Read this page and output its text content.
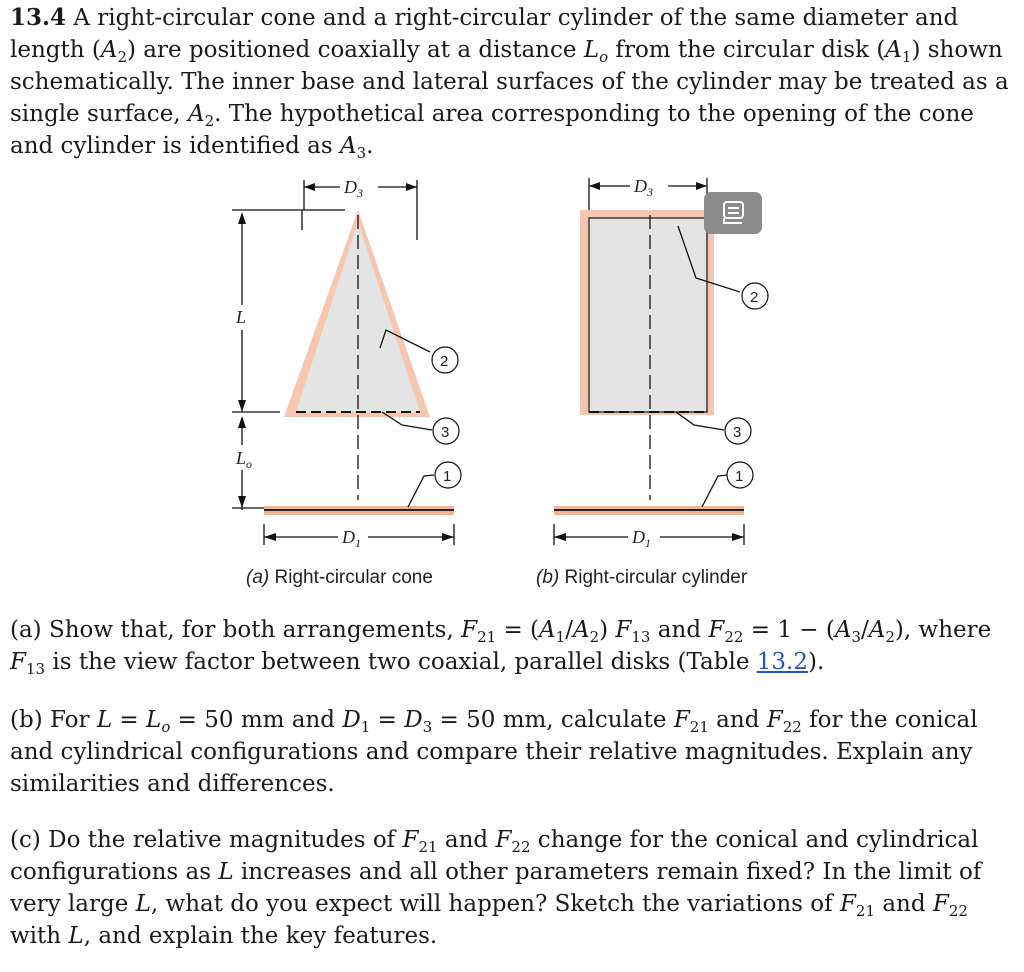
13.4 A right-circular cone and a right-circular cylinder of the same diameter and length $(A_2)$ are positioned coaxially at a distance $L_o$ from the circular disk $(A_1)$ shown schematically. The inner base and lateral surfaces of the cylinder may be treated as a single surface, $A_2$. The hypothetical area corresponding to the opening of the cone and cylinder is identified as $A_3$.

$D_3$
L
$L_o$
$D_1$
2
3
1
(a) Right-circular cone
$D_3$
$D_1$
2
3
1
(b) Right-circular cylinder

(a) Show that, for both arrangements, $F_{21} = (A_1/A_2)$ $F_{13}$ and $F_{22} = 1 - (A_3/A_2)$, where $F_{13}$ is the view factor between two coaxial, parallel disks (Table 13.2).

(b) For $L = L_o = 50$ mm and $D_1 = D_3 = 50$ mm, calculate $F_{21}$ and $F_{22}$ for the conical and cylindrical configurations and compare their relative magnitudes. Explain any similarities and differences.

(c) Do the relative magnitudes of $F_{21}$ and $F_{22}$ change for the conical and cylindrical configurations as L increases and all other parameters remain fixed? In the limit of very large L, what do you expect will happen? Sketch the variations of $F_{21}$ and $F_{22}$ with L, and explain the key features.
